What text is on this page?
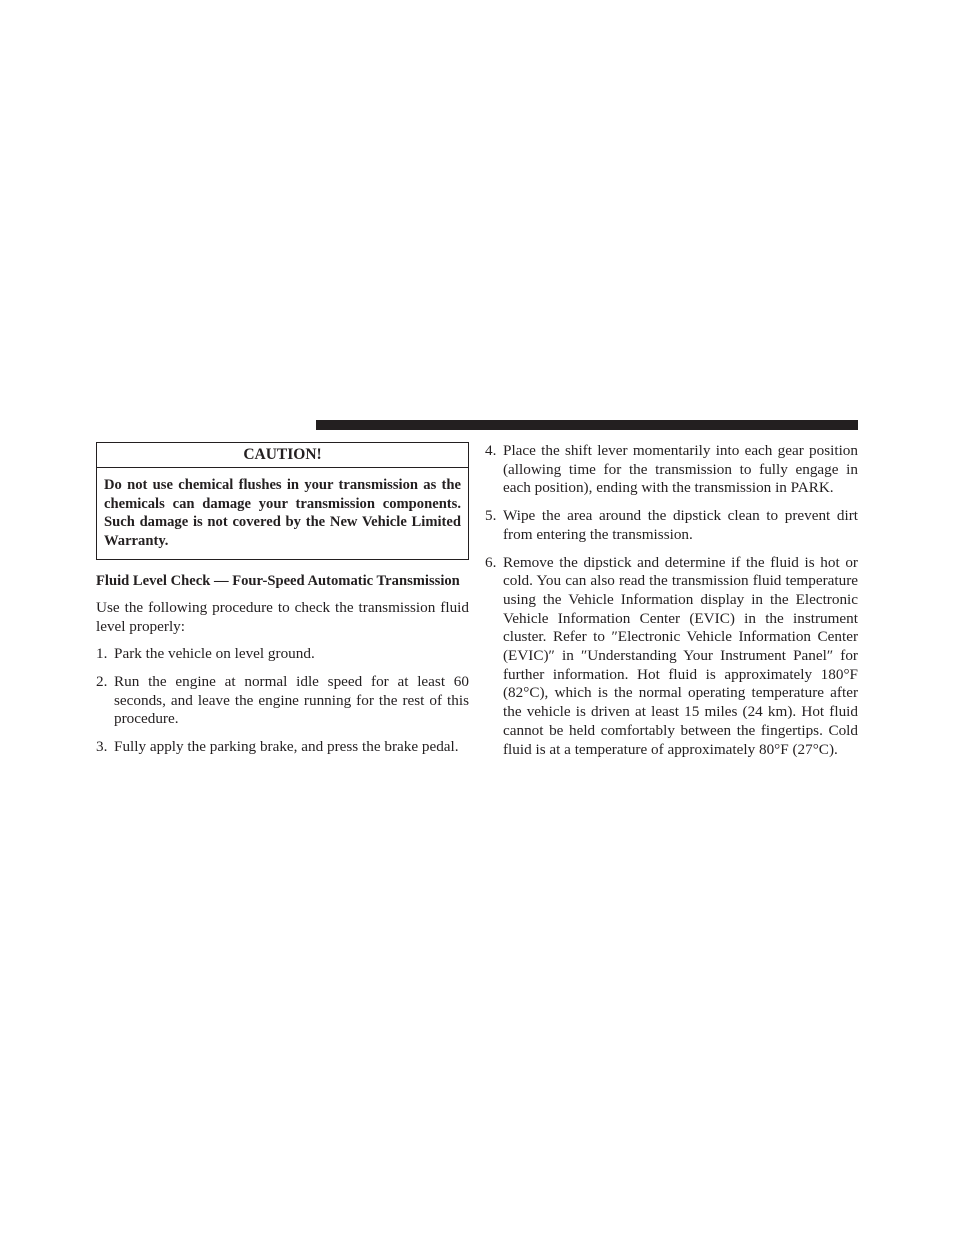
CAUTION!
Do not use chemical flushes in your transmission as the chemicals can damage your transmission components. Such damage is not covered by the New Vehicle Limited Warranty.
Fluid Level Check — Four-Speed Automatic Transmission

Use the following procedure to check the transmission fluid level properly:

1. Park the vehicle on level ground.
2. Run the engine at normal idle speed for at least 60 seconds, and leave the engine running for the rest of this procedure.
3. Fully apply the parking brake, and press the brake pedal.
4. Place the shift lever momentarily into each gear position (allowing time for the transmission to fully engage in each position), ending with the transmission in PARK.
5. Wipe the area around the dipstick clean to prevent dirt from entering the transmission.
6. Remove the dipstick and determine if the fluid is hot or cold. You can also read the transmission fluid temperature using the Vehicle Information display in the Electronic Vehicle Information Center (EVIC) in the instrument cluster. Refer to ″Electronic Vehicle Information Center (EVIC)″ in ″Understanding Your Instrument Panel″ for further information. Hot fluid is approximately 180°F (82°C), which is the normal operating temperature after the vehicle is driven at least 15 miles (24 km). Hot fluid cannot be held comfortably between the fingertips. Cold fluid is at a temperature of approximately 80°F (27°C).
